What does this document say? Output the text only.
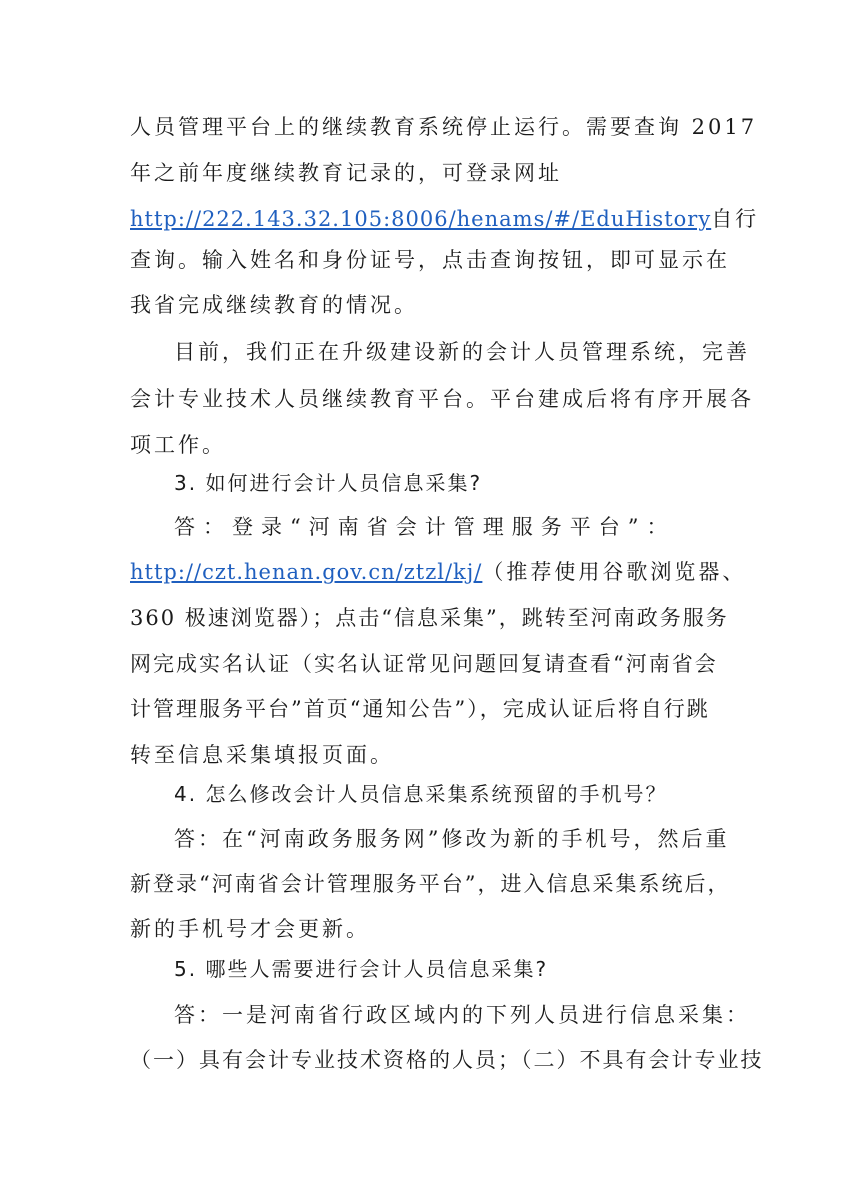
人员管理平台上的继续教育系统停止运行。需要查询 2017
年之前年度继续教育记录的，可登录网址
http://222.143.32.105:8006/henams/#/EduHistory自行
查询。输入姓名和身份证号，点击查询按钮，即可显示在
我省完成继续教育的情况。
目前，我们正在升级建设新的会计人员管理系统，完善
会计专业技术人员继续教育平台。平台建成后将有序开展各
项工作。
3. 如何进行会计人员信息采集?
答：登录“河南省会计管理服务平台”：
http://czt.henan.gov.cn/ztzl/kj/（推荐使用谷歌浏览器、
360 极速浏览器）；点击“信息采集”，跳转至河南政务服务
网完成实名认证（实名认证常见问题回复请查看“河南省会
计管理服务平台”首页“通知公告”），完成认证后将自行跳
转至信息采集填报页面。
4. 怎么修改会计人员信息采集系统预留的手机号？
答：在“河南政务服务网”修改为新的手机号，然后重
新登录“河南省会计管理服务平台”，进入信息采集系统后，
新的手机号才会更新。
5. 哪些人需要进行会计人员信息采集?
答：一是河南省行政区域内的下列人员进行信息采集：
（一）具有会计专业技术资格的人员；（二）不具有会计专业技
